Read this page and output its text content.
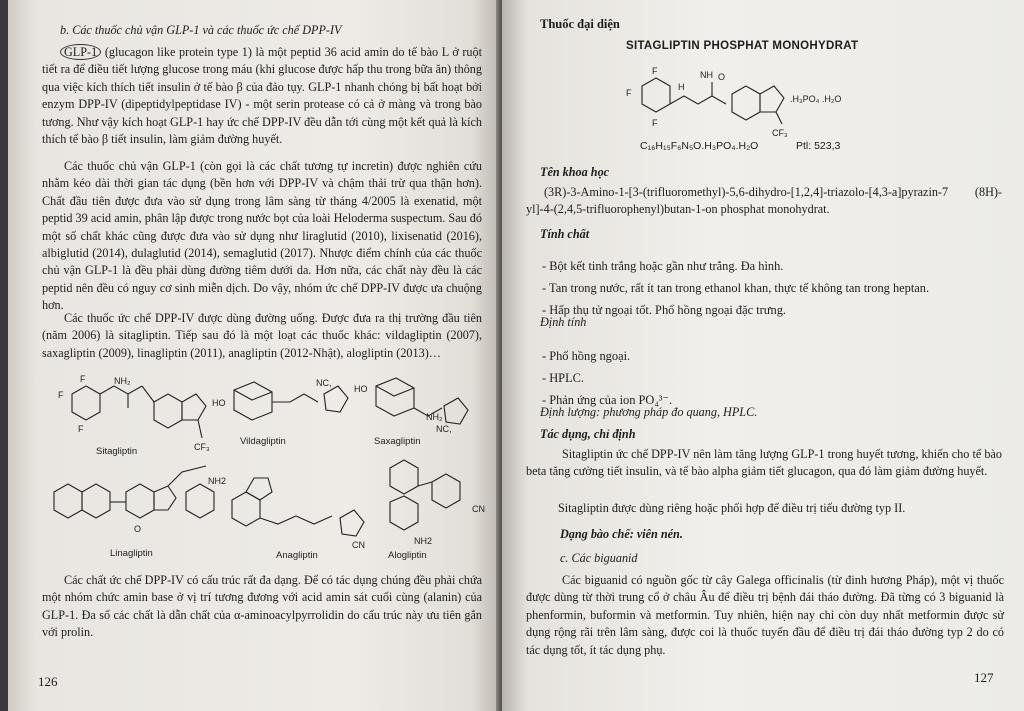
b. Các thuốc chủ vận GLP-1 và các thuốc ức chế DPP-IV

GLP-1 (glucagon like protein type 1) là một peptid 36 acid amin do tế bào L ở ruột tiết ra để điều tiết lượng glucose trong máu (khi glucose được hấp thu trong bữa ăn) thông qua việc kích thích tiết insulin ở tế bào β của đảo tụy. GLP-1 nhanh chóng bị bất hoạt bởi enzym DPP-IV (dipeptidylpeptidase IV) - một serin protease có cả ở màng và trong bào tương. Như vậy kích hoạt GLP-1 hay ức chế DPP-IV đều dẫn tới cùng một kết quả là kích thích tế bào β tiết insulin, làm giảm đường huyết.

Các thuốc chủ vận GLP-1 (còn gọi là các chất tương tự incretin) được nghiên cứu nhằm kéo dài thời gian tác dụng (bền hơn với DPP-IV và chậm thải trừ qua thận hơn). Chất đầu tiên được đưa vào sử dụng trong lâm sàng từ tháng 4/2005 là exenatid, một peptid 39 acid amin, phân lập được trong nước bọt của loài Heloderma suspectum. Sau đó một số chất khác cũng được đưa vào sử dụng như liraglutid (2010), lixisenatid (2016), albiglutid (2014), dulaglutid (2014), semaglutid (2017). Nhược điểm chính của các thuốc chủ vận GLP-1 là đều phải dùng đường tiêm dưới da. Hơn nữa, các chất này đều là các peptid nên đều có nguy cơ sinh miễn dịch. Do vậy, nhóm ức chế DPP-IV được ưa chuộng hơn.

Các thuốc ức chế DPP-IV được dùng đường uống. Được đưa ra thị trường đầu tiên (năm 2006) là sitagliptin. Tiếp sau đó là một loạt các thuốc khác: vildagliptin (2007), saxagliptin (2009), linagliptin (2011), anagliptin (2012-Nhật), alogliptin (2013)…

F
F
F
NH₂
CF₃
NC,
HO
HO
NH₂
NC,
NH2
O
CN
CN
NH2
Sitagliptin
Vildagliptin	Saxagliptin
Linagliptin	Anagliptin	Alogliptin

Các chất ức chế DPP-IV có cấu trúc rất đa dạng. Để có tác dụng chúng đều phải chứa một nhóm chức amin base ở vị trí tương đương với acid amin sát cuối cùng (alanin) của GLP-1. Đa số các chất là dẫn chất của α-aminoacylpyrrolidin do cấu trúc này ưu tiên gắn với prolin.

126

Thuốc đại diện

SITAGLIPTIN PHOSPHAT MONOHYDRAT

F
F
F
H
NH O
.H₃PO₄ .H₂O
CF₃
C₁₆H₁₅F₆N₅O.H₃PO₄.H₂O	Ptl: 523,3

Tên khoa học

(3R)-3-Amino-1-[3-(trifluoromethyl)-5,6-dihydro-[1,2,4]-triazolo-[4,3-a]pyrazin-7 (8H)-yl]-4-(2,4,5-trifluorophenyl)butan-1-on phosphat monohydrat.

Tính chất

- Bột kết tinh trắng hoặc gần như trắng. Đa hình.

- Tan trong nước, rất ít tan trong ethanol khan, thực tế không tan trong heptan.

- Hấp thụ tử ngoại tốt. Phổ hồng ngoại đặc trưng.

Định tính

- Phổ hồng ngoại.

- HPLC.

- Phản ứng của ion PO₄³⁻.

Định lượng: phương pháp đo quang, HPLC.

Tác dụng, chỉ định

Sitagliptin ức chế DPP-IV nên làm tăng lượng GLP-1 trong huyết tương, khiến cho tế bào beta tăng cường tiết insulin, và tế bào alpha giảm tiết glucagon, qua đó làm giảm đường huyết.

Sitagliptin được dùng riêng hoặc phối hợp để điều trị tiểu đường typ II.

Dạng bào chế: viên nén.

c. Các biguanid

Các biguanid có nguồn gốc từ cây Galega officinalis (từ đinh hương Pháp), một vị thuốc được dùng từ thời trung cổ ở châu Âu để điều trị bệnh đái tháo đường. Đã từng có 3 biguanid là phenformin, buformin và metformin. Tuy nhiên, hiện nay chỉ còn duy nhất metformin được sử dụng rộng rãi trên lâm sàng, được coi là thuốc tuyến đầu để điều trị đái tháo đường typ 2 do có tác dụng tốt, ít tác dụng phụ.

127
